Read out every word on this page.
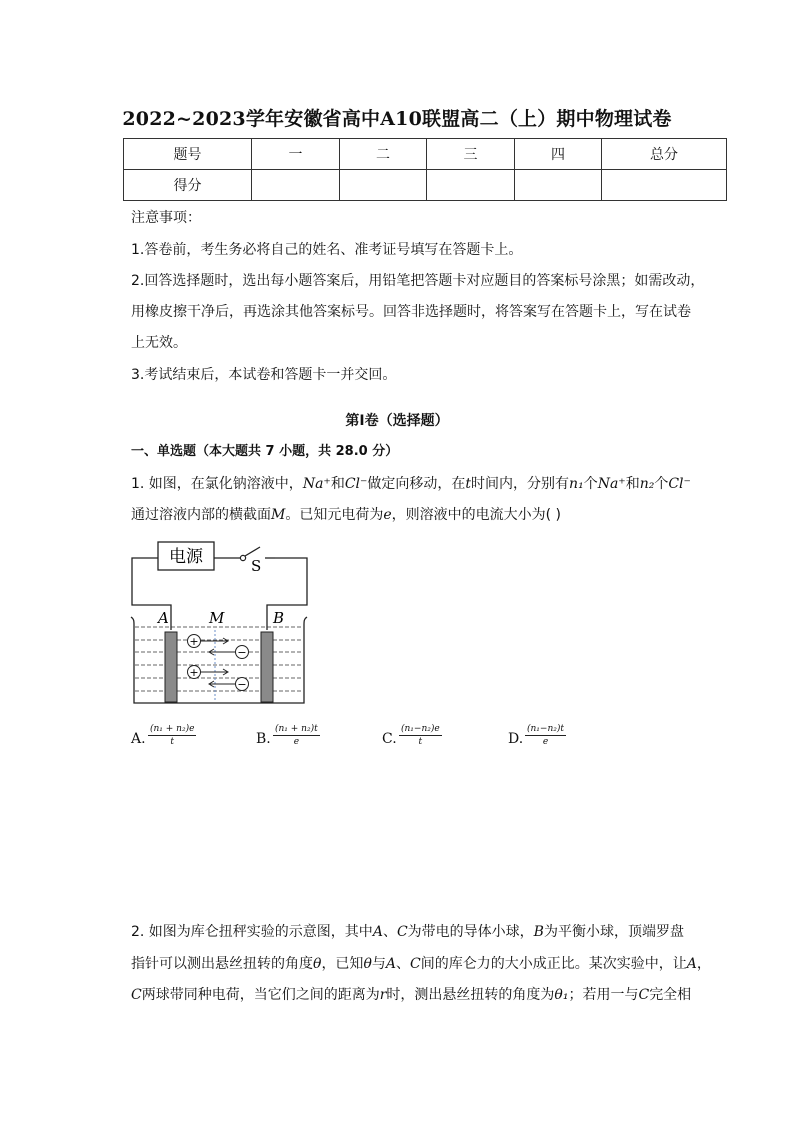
2022~2023学年安徽省高中A10联盟高二（上）期中物理试卷
题号	一	二	三	四	总分
得分					
注意事项：
1.答卷前，考生务必将自己的姓名、准考证号填写在答题卡上。
2.回答选择题时，选出每小题答案后，用铅笔把答题卡对应题目的答案标号涂黑；如需改动，
用橡皮擦干净后，再选涂其他答案标号。回答非选择题时，将答案写在答题卡上，写在试卷
上无效。
3.考试结束后，本试卷和答题卡一并交回。
第I卷（选择题）
一、单选题（本大题共 7 小题，共 28.0 分）
1. 如图，在氯化钠溶液中，Na⁺和Cl⁻做定向移动，在t时间内，分别有n₁个Na⁺和n₂个Cl⁻
通过溶液内部的横截面M。已知元电荷为e，则溶液中的电流大小为( )
电源	S
A	M	B
+
+
−
−
A. $\frac{\text{(n₁ + n₂)e}}{t}$	B. $\frac{\text{(n₁ + n₂)t}}{e}$	C. $\frac{\text{(n₁−n₂)e}}{t}$	D. $\frac{\text{(n₁−n₂)t}}{e}$
2. 如图为库仑扭秤实验的示意图，其中A、C为带电的导体小球，B为平衡小球，顶端罗盘
指针可以测出悬丝扭转的角度θ，已知θ与A、C间的库仑力的大小成正比。某次实验中，让A，
C两球带同种电荷，当它们之间的距离为r时，测出悬丝扭转的角度为θ₁；若用一与C完全相
